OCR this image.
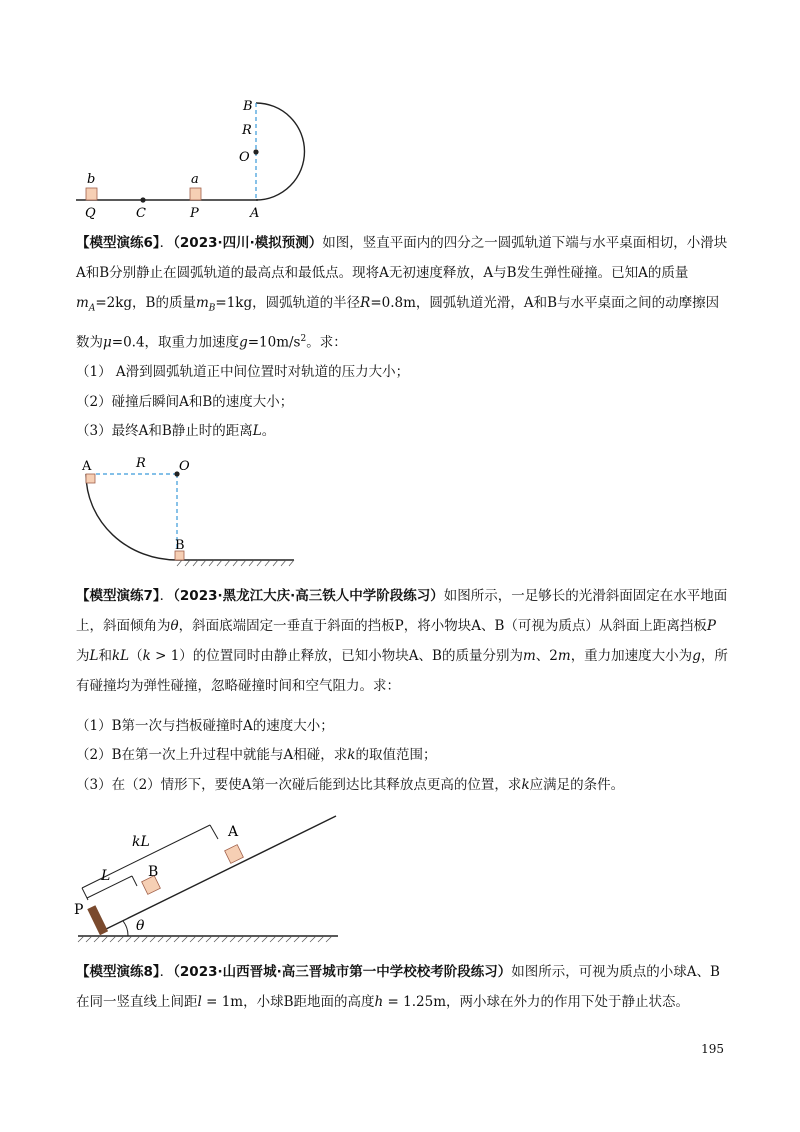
B
R
O
b	a
Q	C	P	A
【模型演练6】．（2023·四川·模拟预测）如图，竖直平面内的四分之一圆弧轨道下端与水平桌面相切，小滑块A和B分别静止在圆弧轨道的最高点和最低点。现将A无初速度释放，A与B发生弹性碰撞。已知A的质量$m_A=2kg$，B的质量$m_B=1kg$，圆弧轨道的半径R=0.8m，圆弧轨道光滑，A和B与水平桌面之间的动摩擦因数为μ=0.4，取重力加速度$g=10m/s^2$。求：
（1） A滑到圆弧轨道正中间位置时对轨道的压力大小；
（2）碰撞后瞬间A和B的速度大小；
（3）最终A和B静止时的距离L。
A	R	O
B
【模型演练7】．（2023·黑龙江大庆·高三铁人中学阶段练习）如图所示，一足够长的光滑斜面固定在水平地面上，斜面倾角为θ，斜面底端固定一垂直于斜面的挡板P，将小物块A、B（可视为质点）从斜面上距离挡板P为L和kL（k > 1）的位置同时由静止释放，已知小物块A、B的质量分别为m、2m，重力加速度大小为g，所有碰撞均为弹性碰撞，忽略碰撞时间和空气阻力。求：
（1）B第一次与挡板碰撞时A的速度大小；
（2）B在第一次上升过程中就能与A相碰，求k的取值范围；
（3）在（2）情形下，要使A第一次碰后能到达比其释放点更高的位置，求k应满足的条件。
kL
A
L	B
P
θ
【模型演练8】．（2023·山西晋城·高三晋城市第一中学校校考阶段练习）如图所示，可视为质点的小球A、B在同一竖直线上间距l = 1m，小球B距地面的高度h = 1.25m，两小球在外力的作用下处于静止状态。
195
